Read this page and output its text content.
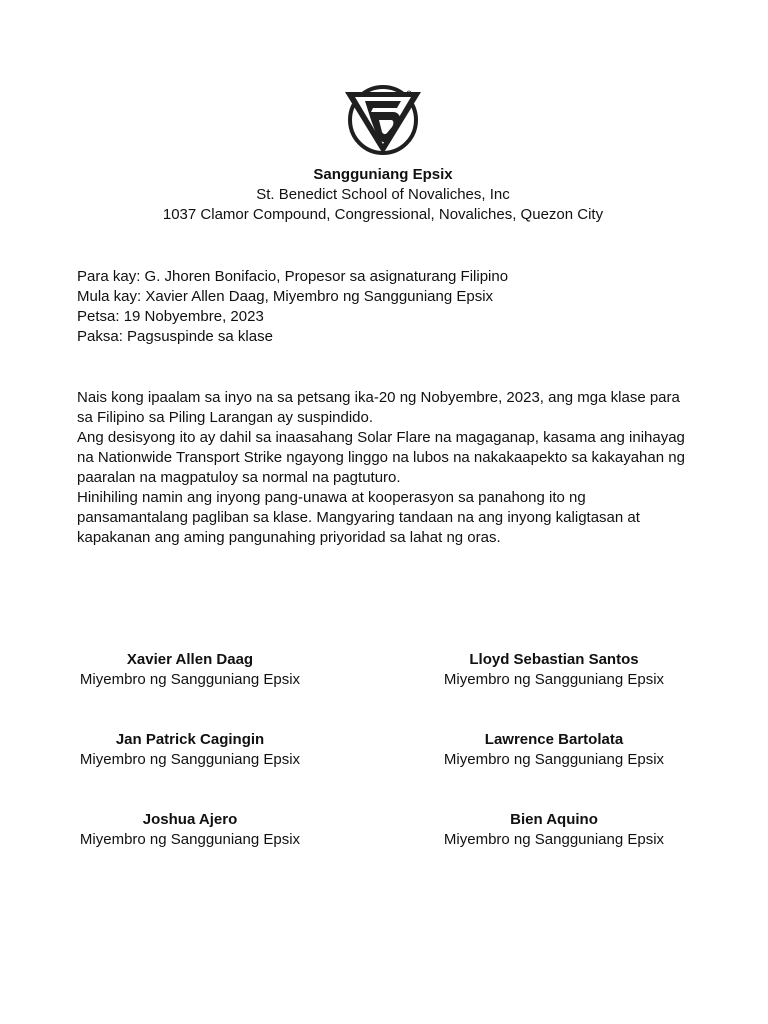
Sangguniang Epsix
St. Benedict School of Novaliches, Inc
1037 Clamor Compound, Congressional, Novaliches, Quezon City
Para kay: G. Jhoren Bonifacio, Propesor sa asignaturang Filipino
Mula kay: Xavier Allen Daag, Miyembro ng Sangguniang Epsix
Petsa: 19 Nobyembre, 2023
Paksa: Pagsuspinde sa klase

Nais kong ipaalam sa inyo na sa petsang ika-20 ng Nobyembre, 2023, ang mga klase para sa Filipino sa Piling Larangan ay suspindido.

Ang desisyong ito ay dahil sa inaasahang Solar Flare na magaganap, kasama ang inihayag na Nationwide Transport Strike ngayong linggo na lubos na nakakaapekto sa kakayahan ng paaralan na magpatuloy sa normal na pagtuturo.

Hinihiling namin ang inyong pang-unawa at kooperasyon sa panahong ito ng pansamantalang pagliban sa klase. Mangyaring tandaan na ang inyong kaligtasan at kapakanan ang aming pangunahing priyoridad sa lahat ng oras.

Xavier Allen Daag
Miyembro ng Sangguniang Epsix
Lloyd Sebastian Santos
Miyembro ng Sangguniang Epsix
Jan Patrick Cagingin
Miyembro ng Sangguniang Epsix
Lawrence Bartolata
Miyembro ng Sangguniang Epsix
Joshua Ajero
Miyembro ng Sangguniang Epsix
Bien Aquino
Miyembro ng Sangguniang Epsix
